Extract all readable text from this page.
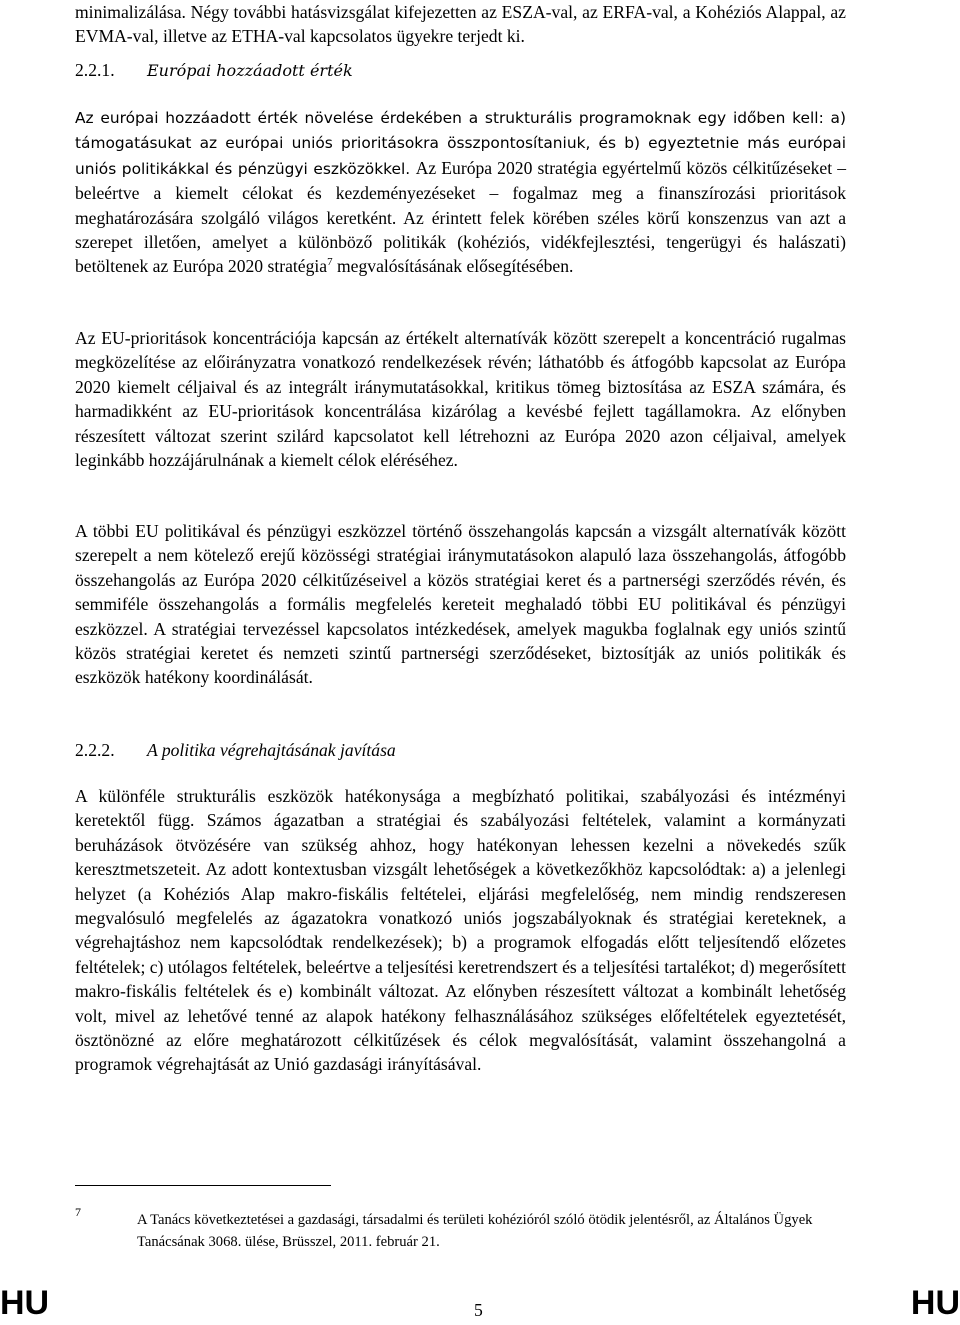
minimalizálása. Négy további hatásvizsgálat kifejezetten az ESZA-val, az ERFA-val, a Kohéziós Alappal, az EVMA-val, illetve az ETHA-val kapcsolatos ügyekre terjedt ki.

2.2.1. Európai hozzáadott érték

Az európai hozzáadott érték növelése érdekében a strukturális programoknak egy időben kell: a) támogatásukat az európai uniós prioritásokra összpontosítaniuk, és b) egyeztetnie más európai uniós politikákkal és pénzügyi eszközökkel. Az Európa 2020 stratégia egyértelmű közös célkitűzéseket – beleértve a kiemelt célokat és kezdeményezéseket – fogalmaz meg a finanszírozási prioritások meghatározására szolgáló világos keretként. Az érintett felek körében széles körű konszenzus van azt a szerepet illetően, amelyet a különböző politikák (kohéziós, vidékfejlesztési, tengerügyi és halászati) betöltenek az Európa 2020 stratégia$^7$ megvalósításának elősegítésében.

Az EU-prioritások koncentrációja kapcsán az értékelt alternatívák között szerepelt a koncentráció rugalmas megközelítése az előirányzatra vonatkozó rendelkezések révén; láthatóbb és átfogóbb kapcsolat az Európa 2020 kiemelt céljaival és az integrált iránymutatásokkal, kritikus tömeg biztosítása az ESZA számára, és harmadikként az EU-prioritások koncentrálása kizárólag a kevésbé fejlett tagállamokra. Az előnyben részesített változat szerint szilárd kapcsolatot kell létrehozni az Európa 2020 azon céljaival, amelyek leginkább hozzájárulnának a kiemelt célok eléréséhez.

A többi EU politikával és pénzügyi eszközzel történő összehangolás kapcsán a vizsgált alternatívák között szerepelt a nem kötelező erejű közösségi stratégiai iránymutatásokon alapuló laza összehangolás, átfogóbb összehangolás az Európa 2020 célkitűzéseivel a közös stratégiai keret és a partnerségi szerződés révén, és semmiféle összehangolás a formális megfelelés kereteit meghaladó többi EU politikával és pénzügyi eszközzel. A stratégiai tervezéssel kapcsolatos intézkedések, amelyek magukba foglalnak egy uniós szintű közös stratégiai keretet és nemzeti szintű partnerségi szerződéseket, biztosítják az uniós politikák és eszközök hatékony koordinálását.

2.2.2. A politika végrehajtásának javítása

A különféle strukturális eszközök hatékonysága a megbízható politikai, szabályozási és intézményi keretektől függ. Számos ágazatban a stratégiai és szabályozási feltételek, valamint a kormányzati beruházások ötvözésére van szükség ahhoz, hogy hatékonyan lehessen kezelni a növekedés szűk keresztmetszeteit. Az adott kontextusban vizsgált lehetőségek a következőkhöz kapcsolódtak: a) a jelenlegi helyzet (a Kohéziós Alap makro-fiskális feltételei, eljárási megfelelőség, nem mindig rendszeresen megvalósuló megfelelés az ágazatokra vonatkozó uniós jogszabályoknak és stratégiai kereteknek, a végrehajtáshoz nem kapcsolódtak rendelkezések); b) a programok elfogadás előtt teljesítendő előzetes feltételek; c) utólagos feltételek, beleértve a teljesítési keretrendszert és a teljesítési tartalékot; d) megerősített makro-fiskális feltételek és e) kombinált változat. Az előnyben részesített változat a kombinált lehetőség volt, mivel az lehetővé tenné az alapok hatékony felhasználásához szükséges előfeltételek egyeztetését, ösztönözné az előre meghatározott célkitűzések és célok megvalósítását, valamint összehangolná a programok végrehajtását az Unió gazdasági irányításával.

7	A Tanács következtetései a gazdasági, társadalmi és területi kohézióról szóló ötödik jelentésről, az Általános Ügyek Tanácsának 3068. ülése, Brüsszel, 2011. február 21.
HU	5	HU
